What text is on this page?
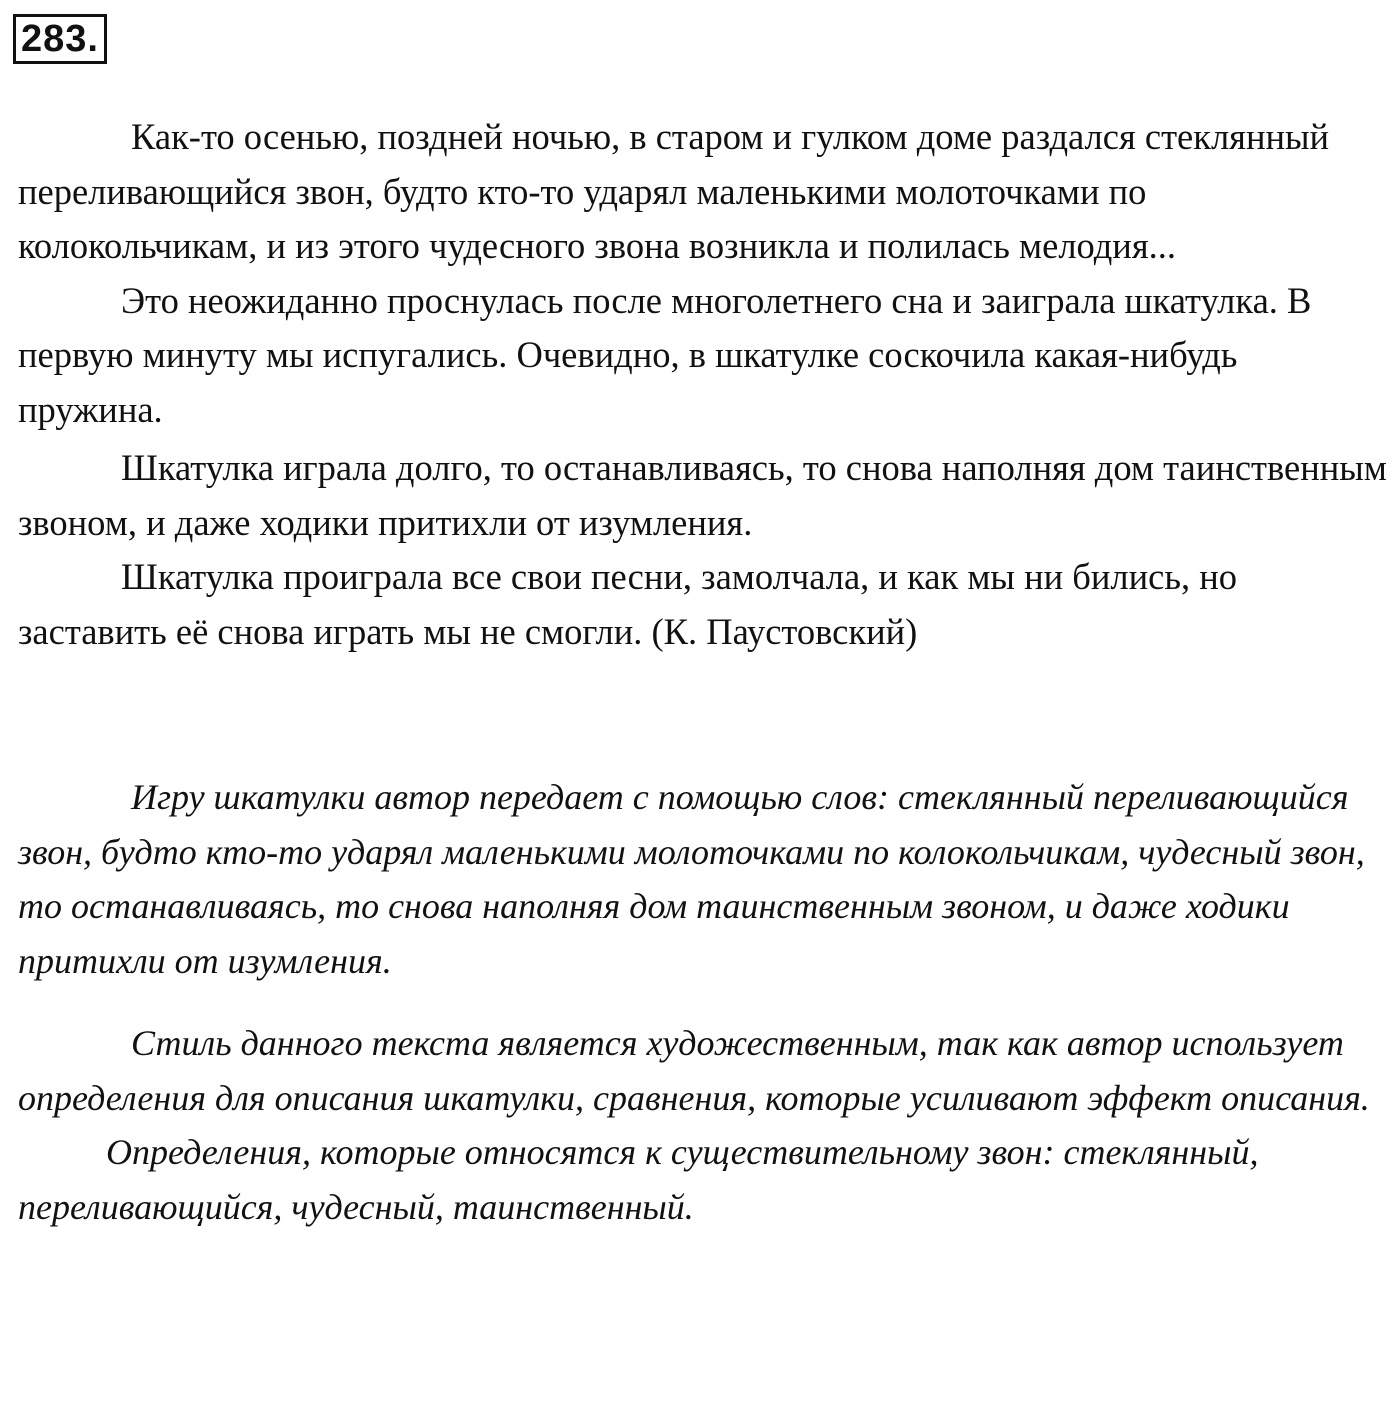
283.

Как-то осенью, поздней ночью, в старом и гулком доме раздался стеклянный переливающийся звон, будто кто-то ударял маленькими молоточками по колокольчикам, и из этого чудесного звона возникла и полилась мелодия...

Это неожиданно проснулась после многолетнего сна и заиграла шкатулка. В первую минуту мы испугались. Очевидно, в шкатулке соскочила какая-нибудь пружина.

Шкатулка играла долго, то останавливаясь, то снова наполняя дом таинственным звоном, и даже ходики притихли от изумления.

Шкатулка проиграла все свои песни, замолчала, и как мы ни бились, но заставить её снова играть мы не смогли. (К. Паустовский)

Игру шкатулки автор передает с помощью слов: стеклянный переливающийся звон, будто кто-то ударял маленькими молоточками по колокольчикам, чудесный звон, то останавливаясь, то снова наполняя дом таинственным звоном, и даже ходики притихли от изумления.

Стиль данного текста является художественным, так как автор использует определения для описания шкатулки, сравнения, которые усиливают эффект описания.

Определения, которые относятся к существительному звон: стеклянный, переливающийся, чудесный, таинственный.
